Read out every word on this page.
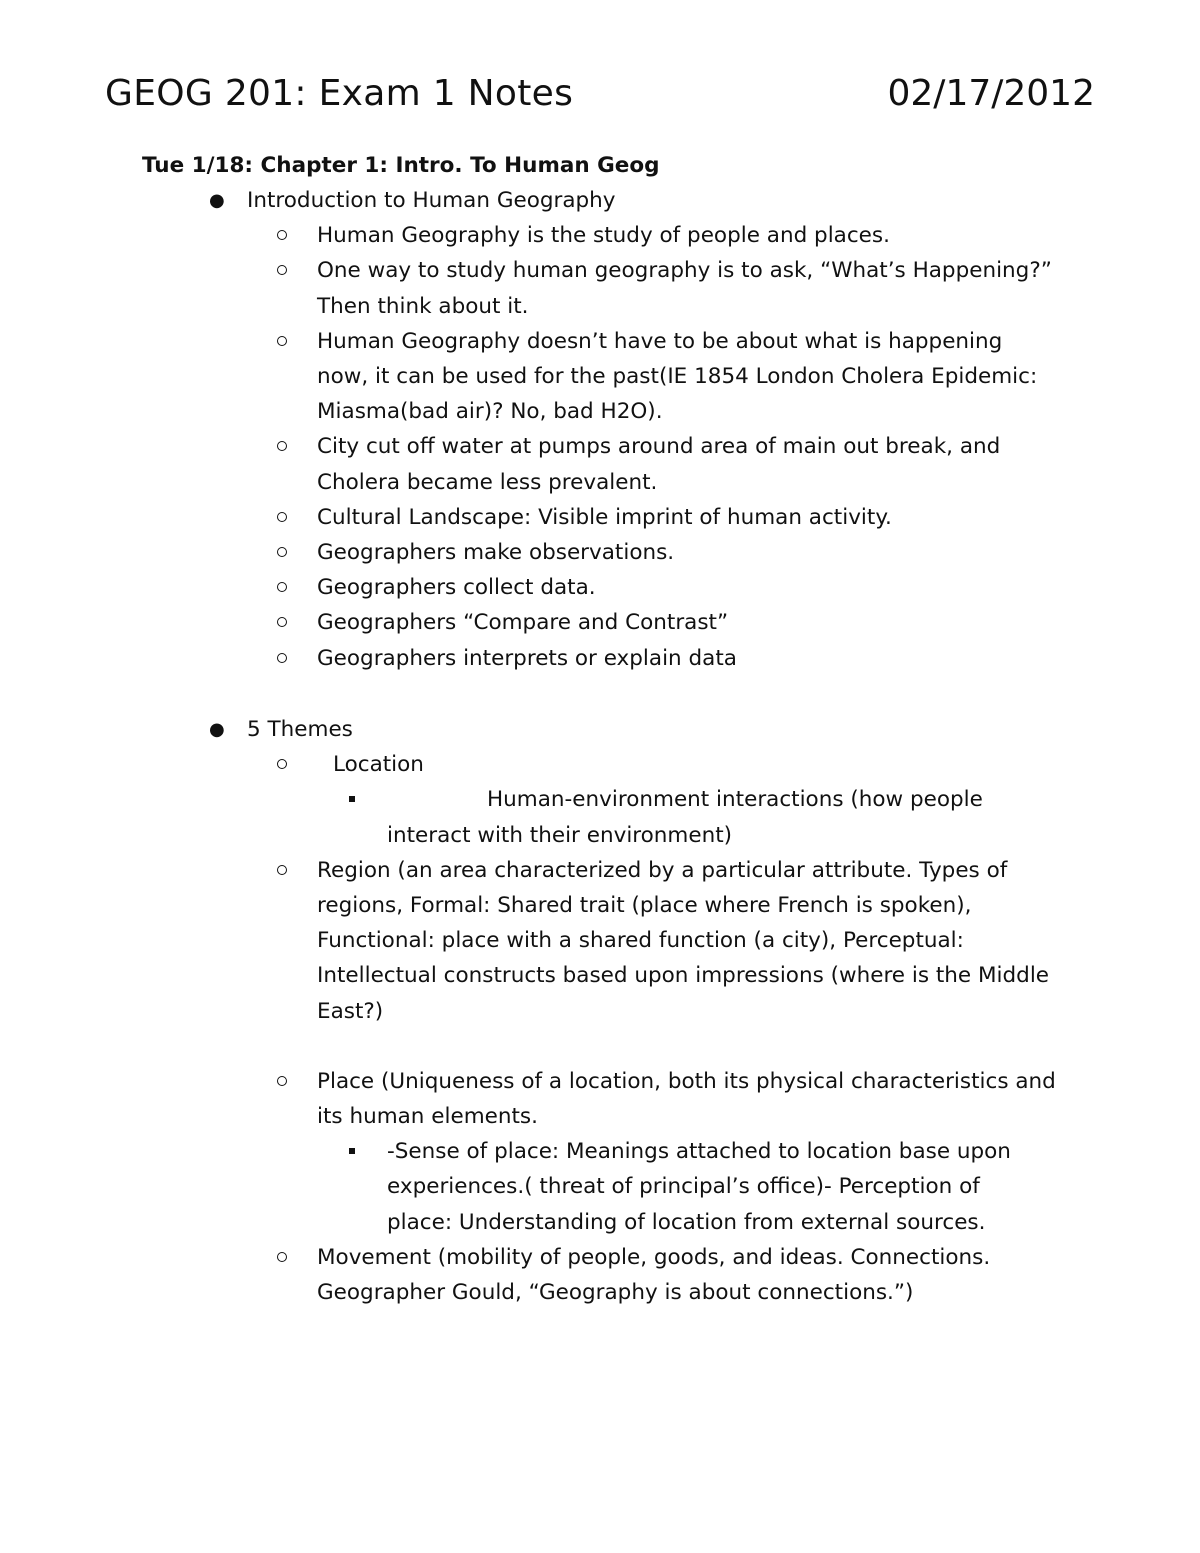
GEOG 201: Exam 1 Notes	02/17/2012
Tue 1/18: Chapter 1: Intro. To Human Geog
● Introduction to Human Geography
Human Geography is the study of people and places.
One way to study human geography is to ask, “What’s Happening?” Then think about it.
Human Geography doesn’t have to be about what is happening now, it can be used for the past(IE 1854 London Cholera Epidemic: Miasma(bad air)? No, bad H2O).
City cut off water at pumps around area of main out break, and Cholera became less prevalent.
Cultural Landscape: Visible imprint of human activity.
Geographers make observations.
Geographers collect data.
Geographers “Compare and Contrast”
Geographers interprets or explain data
● 5 Themes
Location
Human-environment interactions (how people interact with their environment)
Region (an area characterized by a particular attribute. Types of regions, Formal: Shared trait (place where French is spoken), Functional: place with a shared function (a city), Perceptual: Intellectual constructs based upon impressions (where is the Middle East?)
Place (Uniqueness of a location, both its physical characteristics and its human elements.
-Sense of place: Meanings attached to location base upon experiences.( threat of principal’s office)- Perception of place: Understanding of location from external sources.
Movement (mobility of people, goods, and ideas. Connections. Geographer Gould, “Geography is about connections.”)
